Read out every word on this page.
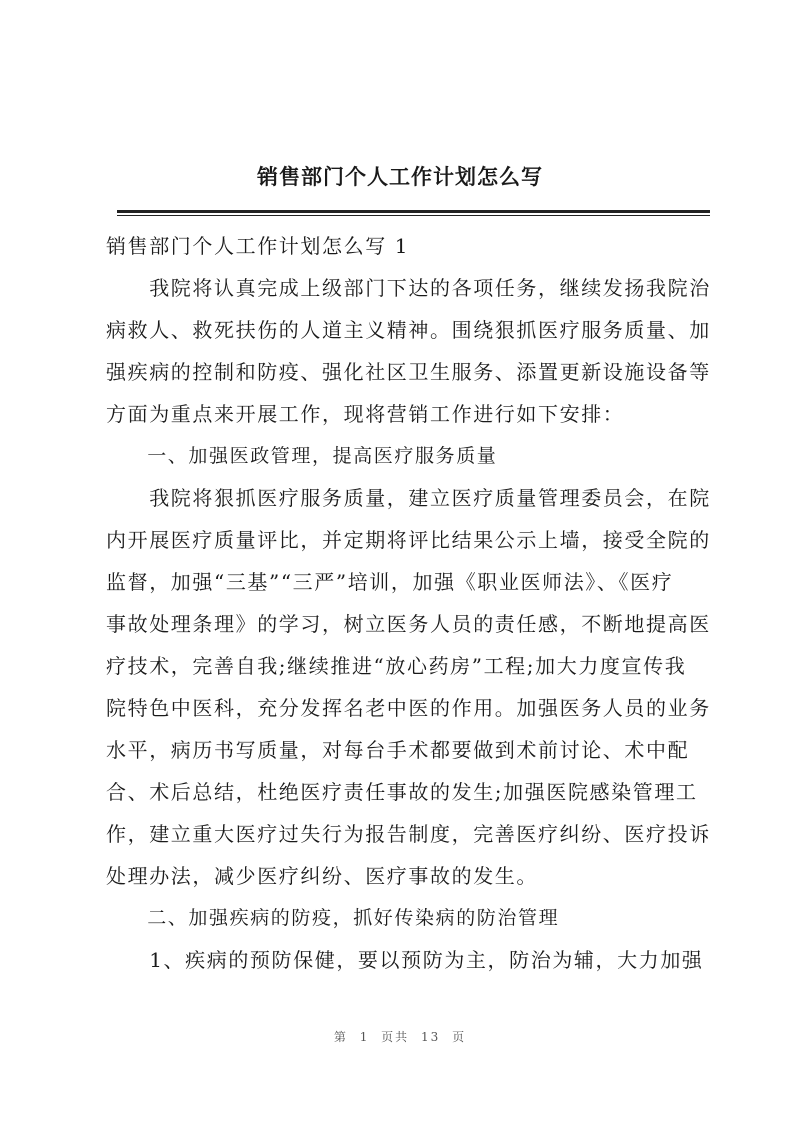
销售部门个人工作计划怎么写

销售部门个人工作计划怎么写 1

　　我院将认真完成上级部门下达的各项任务，继续发扬我院治

病救人、救死扶伤的人道主义精神。围绕狠抓医疗服务质量、加

强疾病的控制和防疫、强化社区卫生服务、添置更新设施设备等

方面为重点来开展工作，现将营销工作进行如下安排：

　　一、加强医政管理，提高医疗服务质量

　　我院将狠抓医疗服务质量，建立医疗质量管理委员会，在院

内开展医疗质量评比，并定期将评比结果公示上墙，接受全院的

监督，加强“三基”“三严”培训，加强《职业医师法》、《医疗

事故处理条理》的学习，树立医务人员的责任感，不断地提高医

疗技术，完善自我;继续推进“放心药房”工程;加大力度宣传我

院特色中医科，充分发挥名老中医的作用。加强医务人员的业务

水平，病历书写质量，对每台手术都要做到术前讨论、术中配

合、术后总结，杜绝医疗责任事故的发生;加强医院感染管理工

作，建立重大医疗过失行为报告制度，完善医疗纠纷、医疗投诉

处理办法，减少医疗纠纷、医疗事故的发生。

　　二、加强疾病的防疫，抓好传染病的防治管理

　　1、疾病的预防保健，要以预防为主，防治为辅，大力加强

第 1 页共 13 页
